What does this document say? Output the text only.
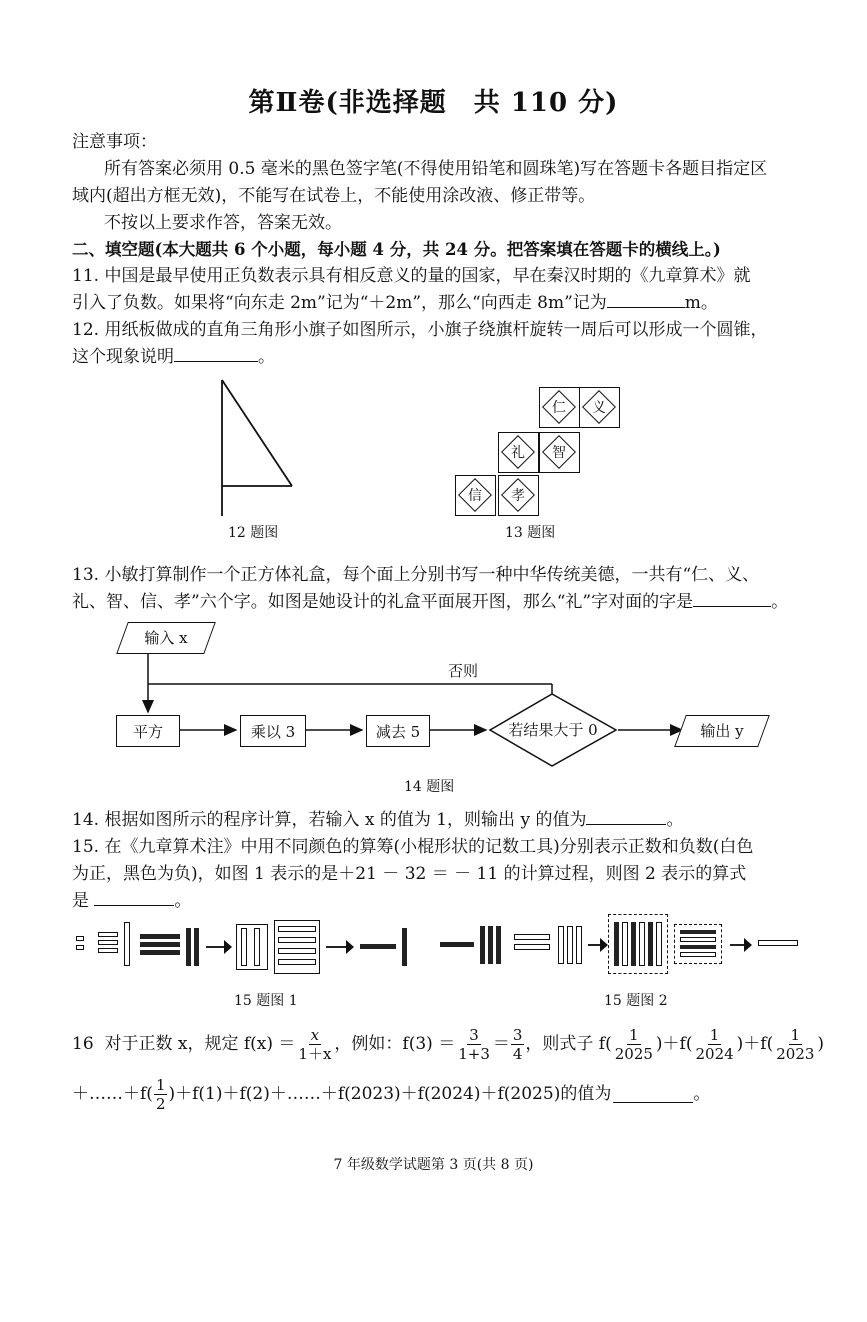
第Ⅱ卷(非选择题　共 110 分)
注意事项：
所有答案必须用 0.5 毫米的黑色签字笔(不得使用铅笔和圆珠笔)写在答题卡各题目指定区
域内(超出方框无效)，不能写在试卷上，不能使用涂改液、修正带等。
不按以上要求作答，答案无效。
二、填空题(本大题共 6 个小题，每小题 4 分，共 24 分。把答案填在答题卡的横线上。)
11. 中国是最早使用正负数表示具有相反意义的量的国家，早在秦汉时期的《九章算术》就
引入了负数。如果将“向东走 2m”记为“＋2m”，那么“向西走 8m”记为	m。
12. 用纸板做成的直角三角形小旗子如图所示，小旗子绕旗杆旋转一周后可以形成一个圆锥，
这个现象说明	。
12 题图
仁	义
礼	智
信	孝
13 题图
13. 小敏打算制作一个正方体礼盒，每个面上分别书写一种中华传统美德，一共有“仁、义、
礼、智、信、孝”六个字。如图是她设计的礼盒平面展开图，那么“礼”字对面的字是	。
输入 x
否则
平方	乘以 3	减去 5	若结果大于 0	输出 y
14 题图
14. 根据如图所示的程序计算，若输入 x 的值为 1，则输出 y 的值为	。
15. 在《九章算术注》中用不同颜色的算筹(小棍形状的记数工具)分别表示正数和负数(白色
为正，黑色为负)，如图 1 表示的是＋21 － 32 ＝ － 11 的计算过程，则图 2 表示的算式
是	。
15 题图 1	15 题图 2
16
对于正数 x，规定 $f(x) = \frac{x}{1+x}$ ，例如：$f(3) = \frac{3}{1+3} = \frac{3}{4}$ ，则式子 $f( \frac{1}{2025} )+f( \frac{1}{2024} )+f( \frac{1}{2023}$ )
＋……＋f( $\frac{1}{2}$ )＋f(1)＋f(2)＋……＋f(2023)＋f(2024)＋f(2025)的值为	。
7 年级数学试题第 3 页(共 8 页)
